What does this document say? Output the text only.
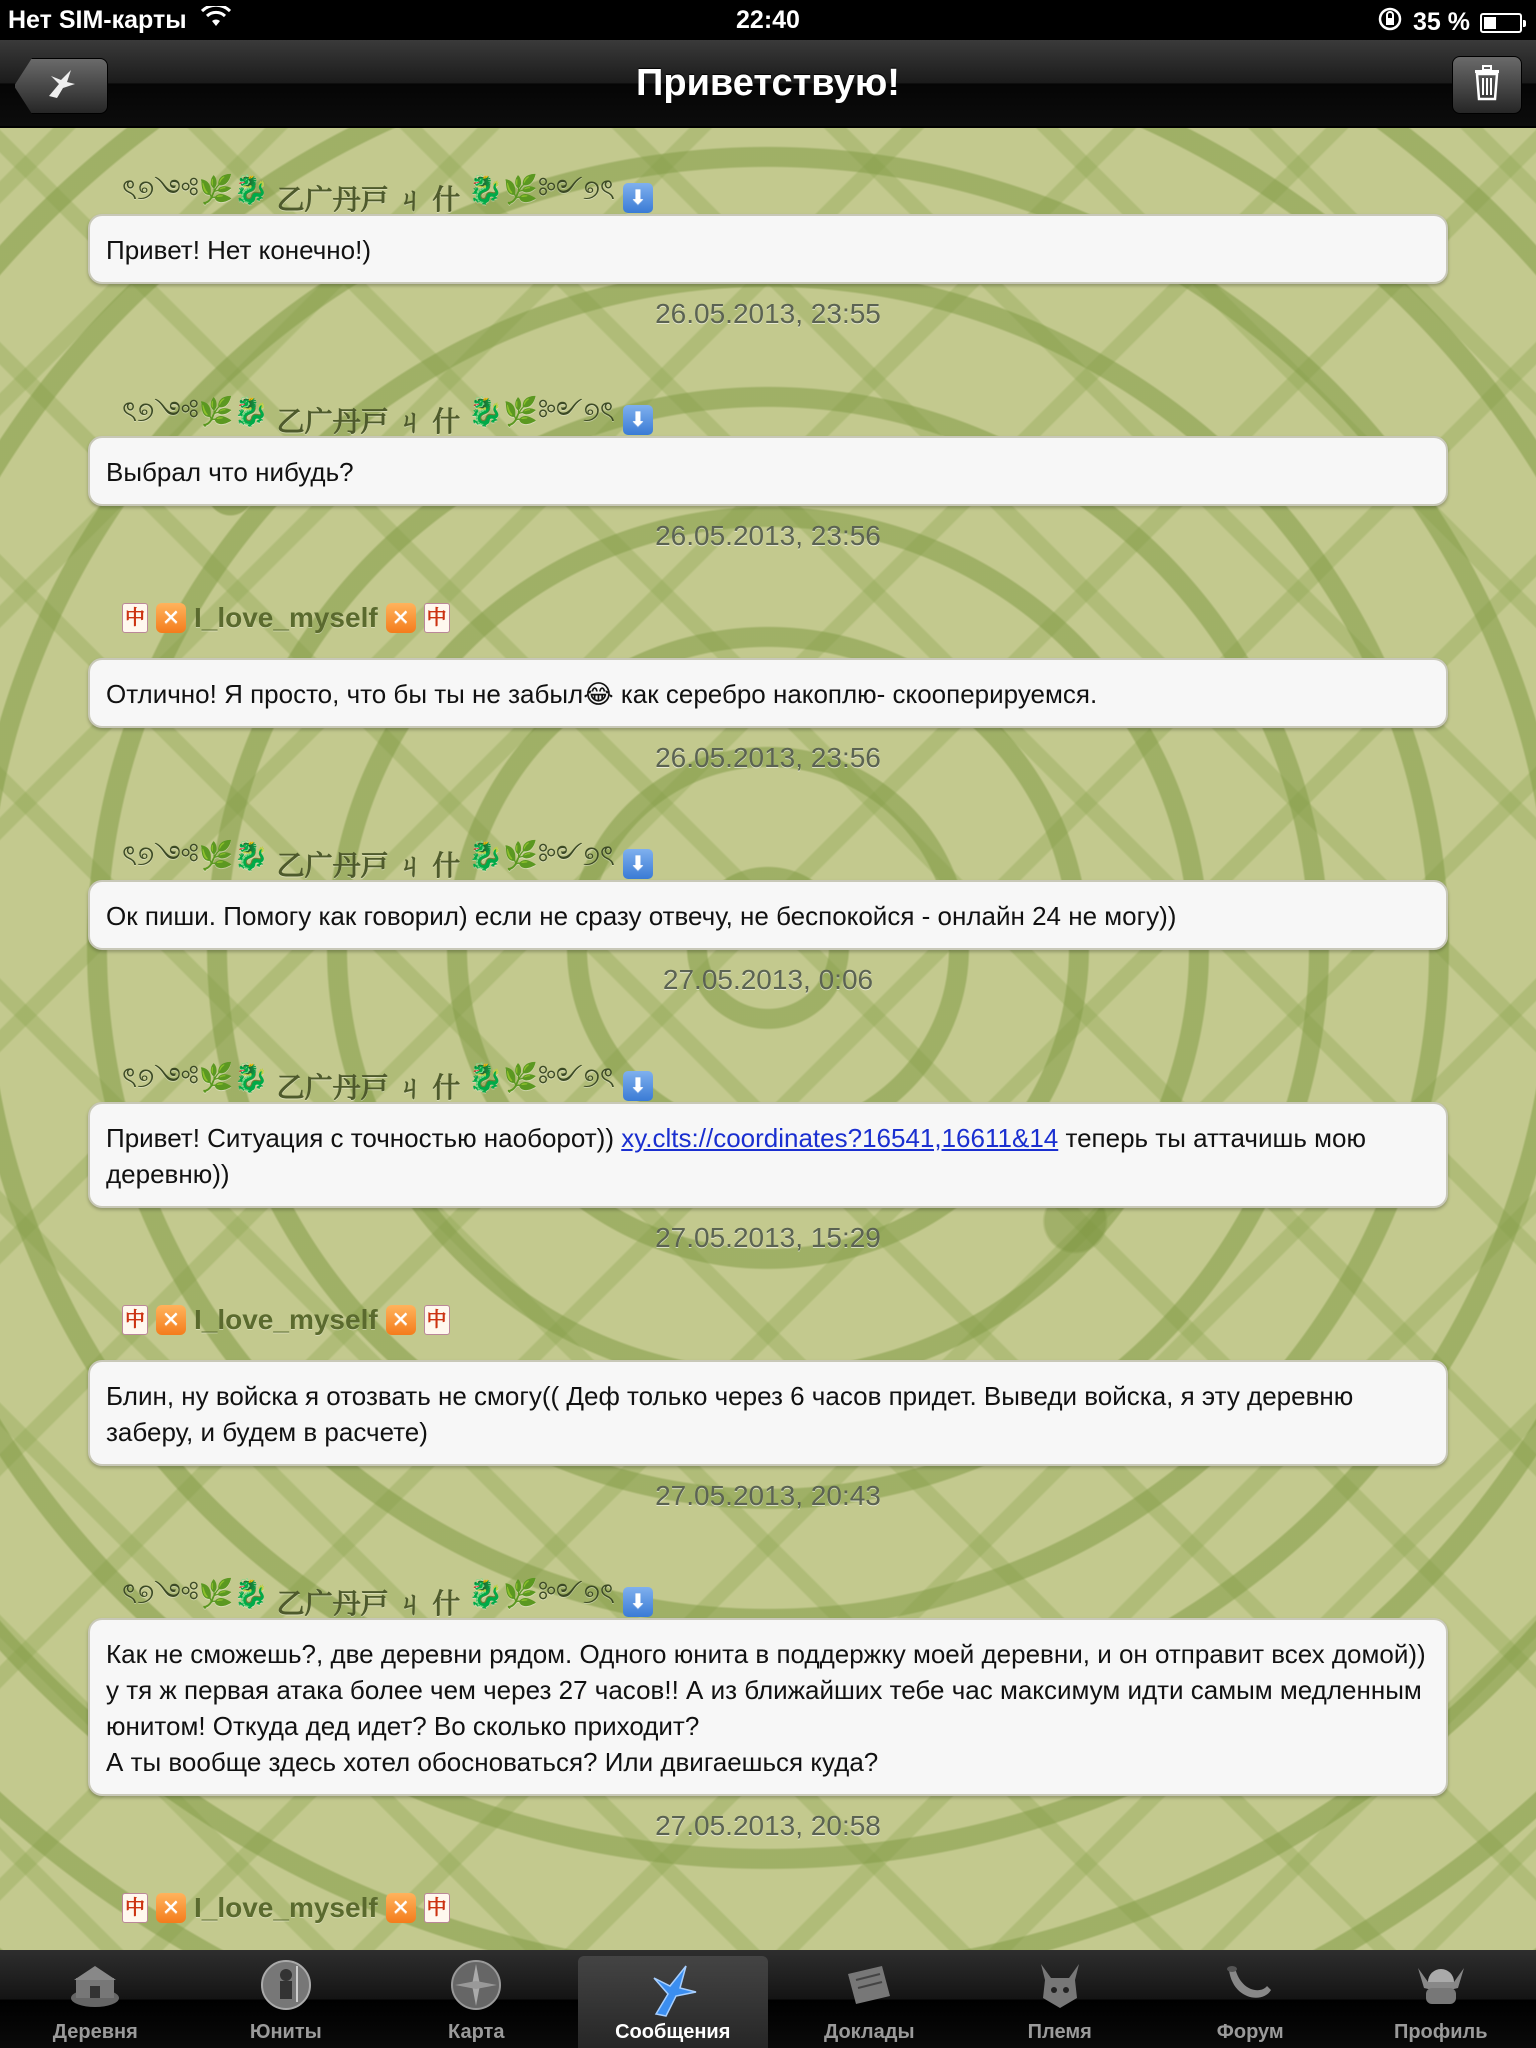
Нет SIM-карты	22:40	35 %
Приветствую!
ৎ୭༺🌿🐉 乙广丹戸 ㄐ 什 🐉🌿༻୭ৎ ⬇
Привет! Нет конечно!)
26.05.2013, 23:55
ৎ୭༺🌿🐉 乙广丹戸 ㄐ 什 🐉🌿༻୭ৎ ⬇
Выбрал что нибудь?
26.05.2013, 23:56
中 ✕ I_love_myself ✕ 中
Отлично! Я просто, что бы ты не забыл😂 как серебро накоплю- скооперируемся.
26.05.2013, 23:56
ৎ୭༺🌿🐉 乙广丹戸 ㄐ 什 🐉🌿༻୭ৎ ⬇
Ок пиши. Помогу как говорил) если не сразу отвечу, не беспокойся - онлайн 24 не могу))
27.05.2013, 0:06
ৎ୭༺🌿🐉 乙广丹戸 ㄐ 什 🐉🌿༻୭ৎ ⬇
Привет! Ситуация с точностью наоборот)) xy.clts://coordinates?16541,16611&14 теперь ты аттачишь мою деревню))
27.05.2013, 15:29
中 ✕ I_love_myself ✕ 中
Блин, ну войска я отозвать не смогу(( Деф только через 6 часов придет. Выведи войска, я эту деревню заберу, и будем в расчете)
27.05.2013, 20:43
ৎ୭༺🌿🐉 乙广丹戸 ㄐ 什 🐉🌿༻୭ৎ ⬇
Как не сможешь?, две деревни рядом. Одного юнита в поддержку моей деревни, и он отправит всех домой)) у тя ж первая атака более чем через 27 часов!! А из ближайших тебе час максимум идти самым медленным юнитом! Откуда дед идет? Во сколько приходит?
А ты вообще здесь хотел обосноваться? Или двигаешься куда?
27.05.2013, 20:58
中 ✕ I_love_myself ✕ 中
Деревня	Юниты	Карта	Сообщения	Доклады	Племя	Форум	Профиль
